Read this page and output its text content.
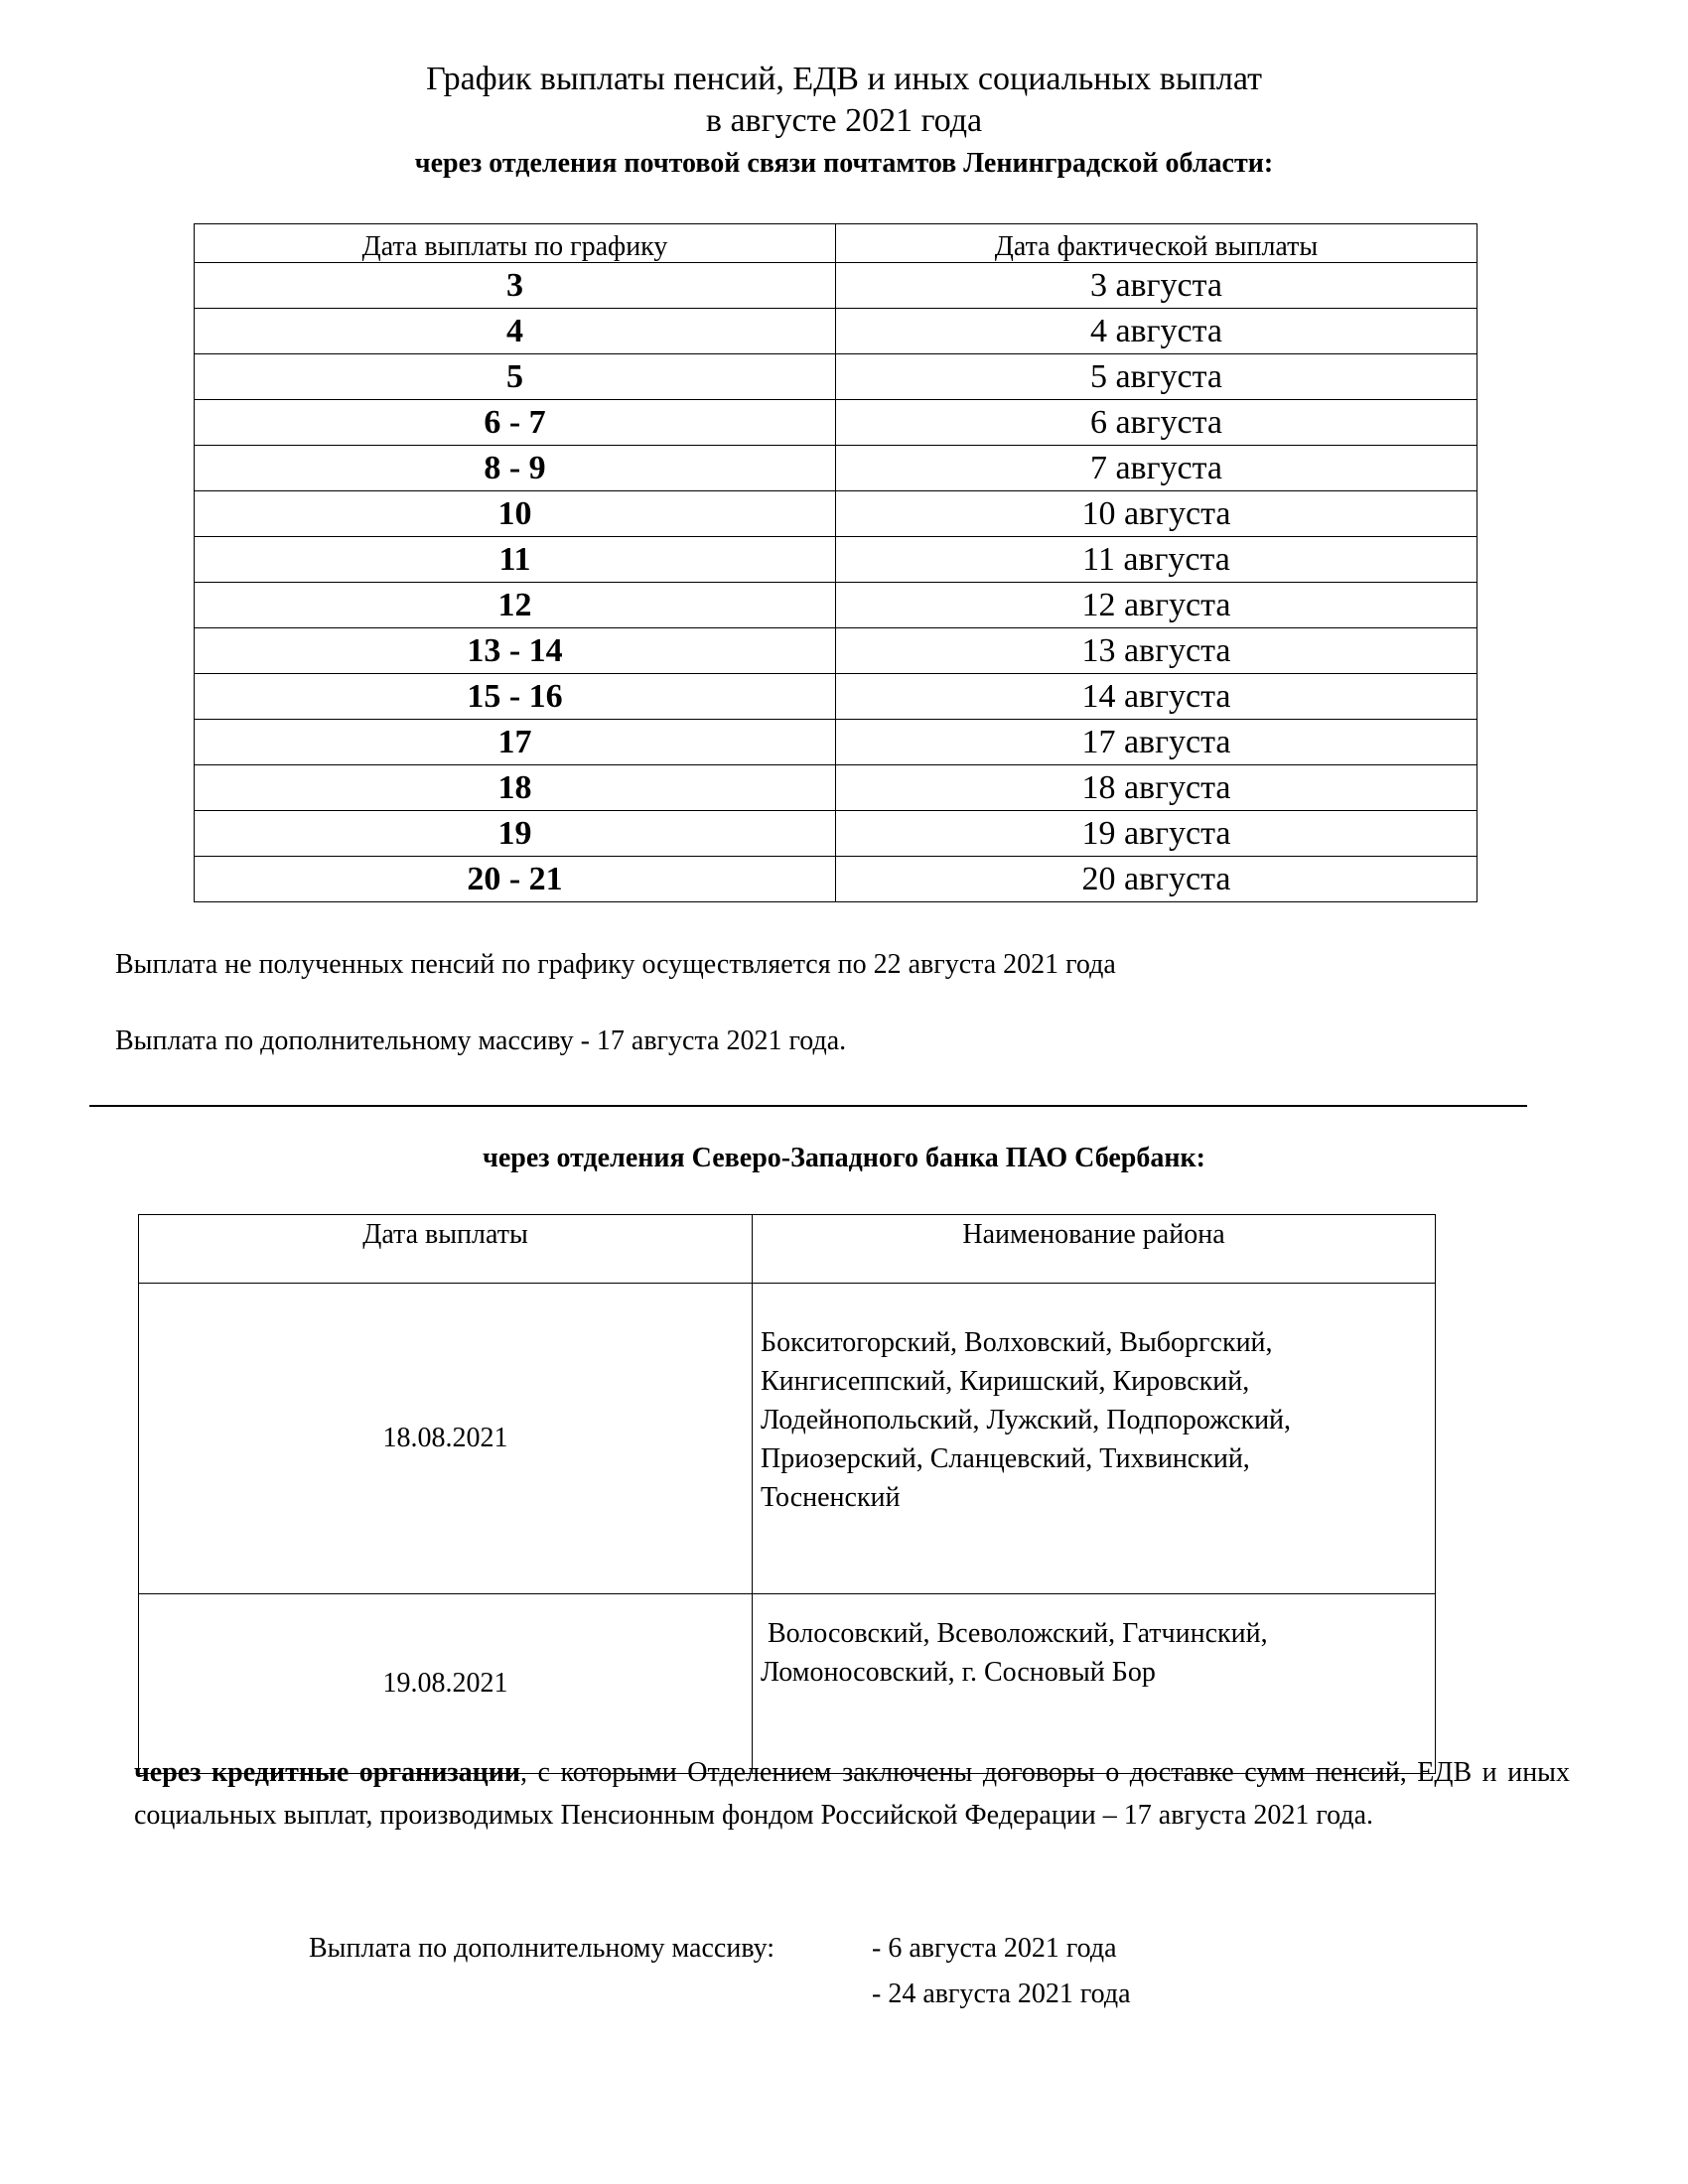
График выплаты пенсий, ЕДВ и иных социальных выплат
в августе 2021 года
через отделения почтовой связи почтамтов Ленинградской области:
Дата выплаты по графику	Дата фактической выплаты
3	3 августа
4	4 августа
5	5 августа
6 - 7	6 августа
8 - 9	7 августа
10	10 августа
11	11 августа
12	12 августа
13 - 14	13 августа
15 - 16	14 августа
17	17 августа
18	18 августа
19	19 августа
20 - 21	20 августа
Выплата не полученных пенсий по графику осуществляется по 22 августа 2021 года
Выплата по дополнительному массиву - 17 августа 2021 года.
через отделения Северо-Западного банка ПАО Сбербанк:
Дата выплаты	Наименование района
18.08.2021	Бокситогорский, Волховский, Выборгский,
Кингисеппский, Киришский, Кировский,
Лодейнопольский, Лужский, Подпорожский,
Приозерский, Сланцевский, Тихвинский,
Тосненский

19.08.2021	Волосовский, Всеволожский, Гатчинский,
Ломоносовский, г. Сосновый Бор
через кредитные организации, с которыми Отделением заключены договоры о доставке сумм пенсий, ЕДВ и иных социальных выплат, производимых Пенсионным фондом Российской Федерации – 17 августа 2021 года.
Выплата по дополнительному массиву:	- 6 августа 2021 года
- 24 августа 2021 года
